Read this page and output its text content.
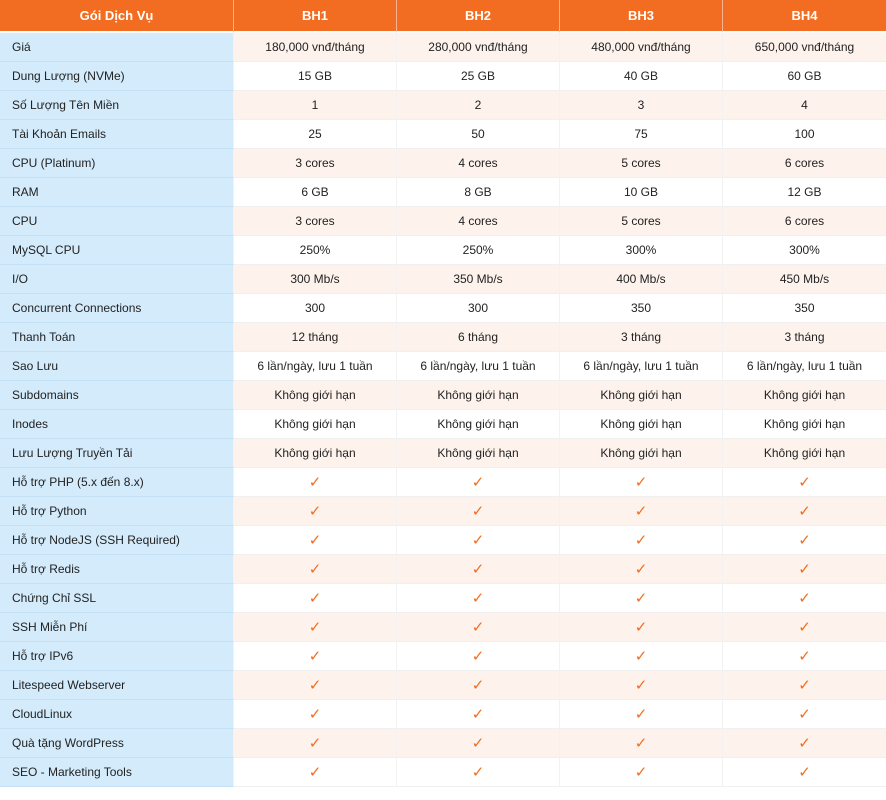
Gói Dịch Vụ	BH1	BH2	BH3	BH4
Giá	180,000 vnđ/tháng	280,000 vnđ/tháng	480,000 vnđ/tháng	650,000 vnđ/tháng
Dung Lượng (NVMe)	15 GB	25 GB	40 GB	60 GB
Số Lượng Tên Miền	1	2	3	4
Tài Khoản Emails	25	50	75	100
CPU (Platinum)	3 cores	4 cores	5 cores	6 cores
RAM	6 GB	8 GB	10 GB	12 GB
CPU	3 cores	4 cores	5 cores	6 cores
MySQL CPU	250%	250%	300%	300%
I/O	300 Mb/s	350 Mb/s	400 Mb/s	450 Mb/s
Concurrent Connections	300	300	350	350
Thanh Toán	12 tháng	6 tháng	3 tháng	3 tháng
Sao Lưu	6 lần/ngày, lưu 1 tuần	6 lần/ngày, lưu 1 tuần	6 lần/ngày, lưu 1 tuần	6 lần/ngày, lưu 1 tuần
Subdomains	Không giới hạn	Không giới hạn	Không giới hạn	Không giới hạn
Inodes	Không giới hạn	Không giới hạn	Không giới hạn	Không giới hạn
Lưu Lượng Truyền Tải	Không giới hạn	Không giới hạn	Không giới hạn	Không giới hạn
Hỗ trợ PHP (5.x đến 8.x)	✓	✓	✓	✓
Hỗ trợ Python	✓	✓	✓	✓
Hỗ trợ NodeJS (SSH Required)	✓	✓	✓	✓
Hỗ trợ Redis	✓	✓	✓	✓
Chứng Chỉ SSL	✓	✓	✓	✓
SSH Miễn Phí	✓	✓	✓	✓
Hỗ trợ IPv6	✓	✓	✓	✓
Litespeed Webserver	✓	✓	✓	✓
CloudLinux	✓	✓	✓	✓
Quà tặng WordPress	✓	✓	✓	✓
SEO - Marketing Tools	✓	✓	✓	✓
